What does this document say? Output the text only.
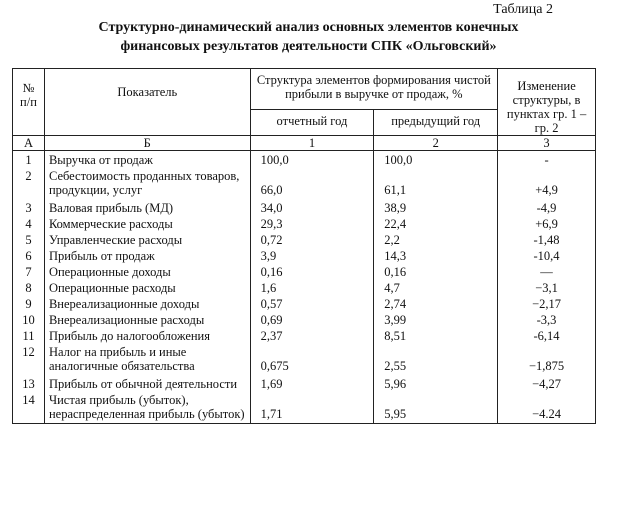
Таблица 2
Структурно-динамический анализ основных элементов конечных
финансовых результатов деятельности СПК «Ольговский»
№ п/п	Показатель	Структура элементов формирования чистой прибыли в выручке от продаж, %		Изменение структуры, в пунктах гр. 1 – гр. 2
		отчетный год	предыдущий год	
А	Б	1	2	3
1	Выручка от продаж	100,0	100,0	-
2	Себестоимость проданных товаров, продукции, услуг	66,0	61,1	+4,9
3	Валовая прибыль (МД)	34,0	38,9	-4,9
4	Коммерческие расходы	29,3	22,4	+6,9
5	Управленческие расходы	0,72	2,2	-1,48
6	Прибыль от продаж	3,9	14,3	-10,4
7	Операционные доходы	0,16	0,16	—
8	Операционные расходы	1,6	4,7	−3,1
9	Внереализационные доходы	0,57	2,74	−2,17
10	Внереализационные расходы	0,69	3,99	-3,3
11	Прибыль до налогообложения	2,37	8,51	-6,14
12	Налог на прибыль и иные аналогичные обязательства	0,675	2,55	−1,875
13	Прибыль от обычной деятельности	1,69	5,96	−4,27
14	Чистая прибыль (убыток), нераспределенная прибыль (убыток)	1,71	5,95	−4.24
